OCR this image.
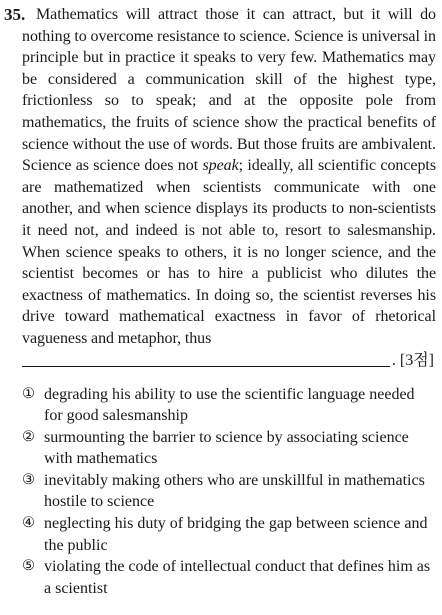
35. Mathematics will attract those it can attract, but it will do nothing to overcome resistance to science. Science is universal in principle but in practice it speaks to very few. Mathematics may be considered a communication skill of the highest type, frictionless so to speak; and at the opposite pole from mathematics, the fruits of science show the practical benefits of science without the use of words. But those fruits are ambivalent. Science as science does not speak; ideally, all scientific concepts are mathematized when scientists communicate with one another, and when science displays its products to non-scientists it need not, and indeed is not able to, resort to salesmanship. When science speaks to others, it is no longer science, and the scientist becomes or has to hire a publicist who dilutes the exactness of mathematics. In doing so, the scientist reverses his drive toward mathematical exactness in favor of rhetorical vagueness and metaphor, thus

. [3점]
① degrading his ability to use the scientific language needed for good salesmanship
② surmounting the barrier to science by associating science with mathematics
③ inevitably making others who are unskillful in mathematics hostile to science
④ neglecting his duty of bridging the gap between science and the public
⑤ violating the code of intellectual conduct that defines him as a scientist
